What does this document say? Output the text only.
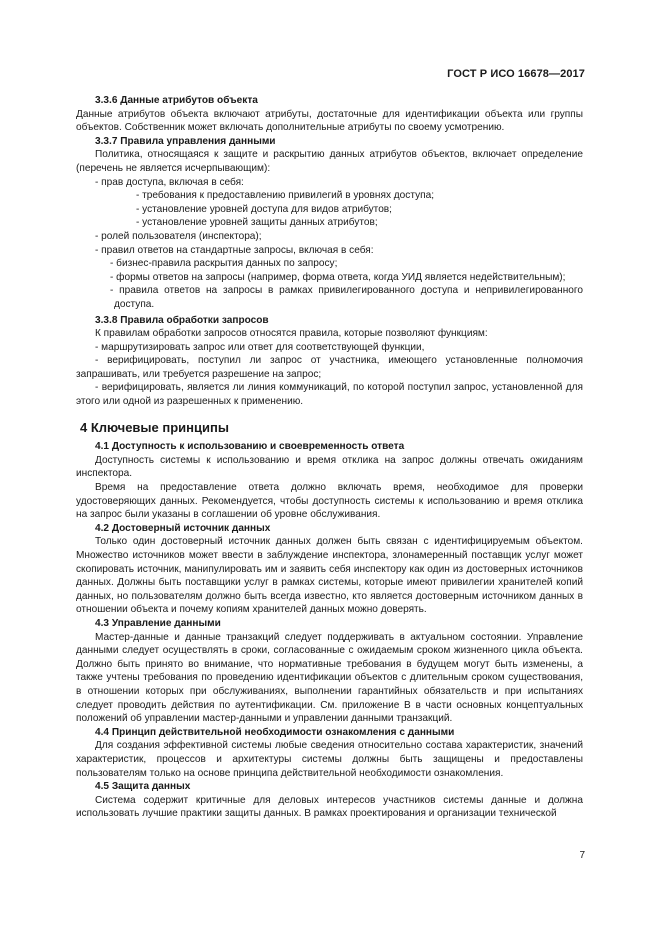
ГОСТ Р ИСО 16678—2017

3.3.6 Данные атрибутов объекта

Данные атрибутов объекта включают атрибуты, достаточные для идентификации объекта или группы объектов. Собственник может включать дополнительные атрибуты по своему усмотрению.

3.3.7 Правила управления данными

Политика, относящаяся к защите и раскрытию данных атрибутов объектов, включает определение (перечень не является исчерпывающим):

- прав доступа, включая в себя:

- требования к предоставлению привилегий в уровнях доступа;

- установление уровней доступа для видов атрибутов;

- установление уровней защиты данных атрибутов;

- ролей пользователя (инспектора);

- правил ответов на стандартные запросы, включая в себя:

- бизнес-правила раскрытия данных по запросу;

- формы ответов на запросы (например, форма ответа, когда УИД является недействительным);

- правила ответов на запросы в рамках привилегированного доступа и непривилегированного доступа.

3.3.8 Правила обработки запросов

К правилам обработки запросов относятся правила, которые позволяют функциям:

- маршрутизировать запрос или ответ для соответствующей функции,

- верифицировать, поступил ли запрос от участника, имеющего установленные полномочия запрашивать, или требуется разрешение на запрос;

- верифицировать, является ли линия коммуникаций, по которой поступил запрос, установленной для этого или одной из разрешенных к применению.

4 Ключевые принципы

4.1 Доступность к использованию и своевременность ответа

Доступность системы к использованию и время отклика на запрос должны отвечать ожиданиям инспектора.

Время на предоставление ответа должно включать время, необходимое для проверки удостоверяющих данных. Рекомендуется, чтобы доступность системы к использованию и время отклика на запрос были указаны в соглашении об уровне обслуживания.

4.2 Достоверный источник данных

Только один достоверный источник данных должен быть связан с идентифицируемым объектом. Множество источников может ввести в заблуждение инспектора, злонамеренный поставщик услуг может скопировать источник, манипулировать им и заявить себя инспектору как один из достоверных источников данных. Должны быть поставщики услуг в рамках системы, которые имеют привилегии хранителей копий данных, но пользователям должно быть всегда известно, кто является достоверным источником данных в отношении объекта и почему копиям хранителей данных можно доверять.

4.3 Управление данными

Мастер-данные и данные транзакций следует поддерживать в актуальном состоянии. Управление данными следует осуществлять в сроки, согласованные с ожидаемым сроком жизненного цикла объекта. Должно быть принято во внимание, что нормативные требования в будущем могут быть изменены, а также учтены требования по проведению идентификации объектов с длительным сроком существования, в отношении которых при обслуживаниях, выполнении гарантийных обязательств и при испытаниях следует проводить действия по аутентификации. См. приложение В в части основных концептуальных положений об управлении мастер-данными и управлении данными транзакций.

4.4 Принцип действительной необходимости ознакомления с данными

Для создания эффективной системы любые сведения относительно состава характеристик, значений характеристик, процессов и архитектуры системы должны быть защищены и предоставлены пользователям только на основе принципа действительной необходимости ознакомления.

4.5 Защита данных

Система содержит критичные для деловых интересов участников системы данные и должна использовать лучшие практики защиты данных. В рамках проектирования и организации технической

7
